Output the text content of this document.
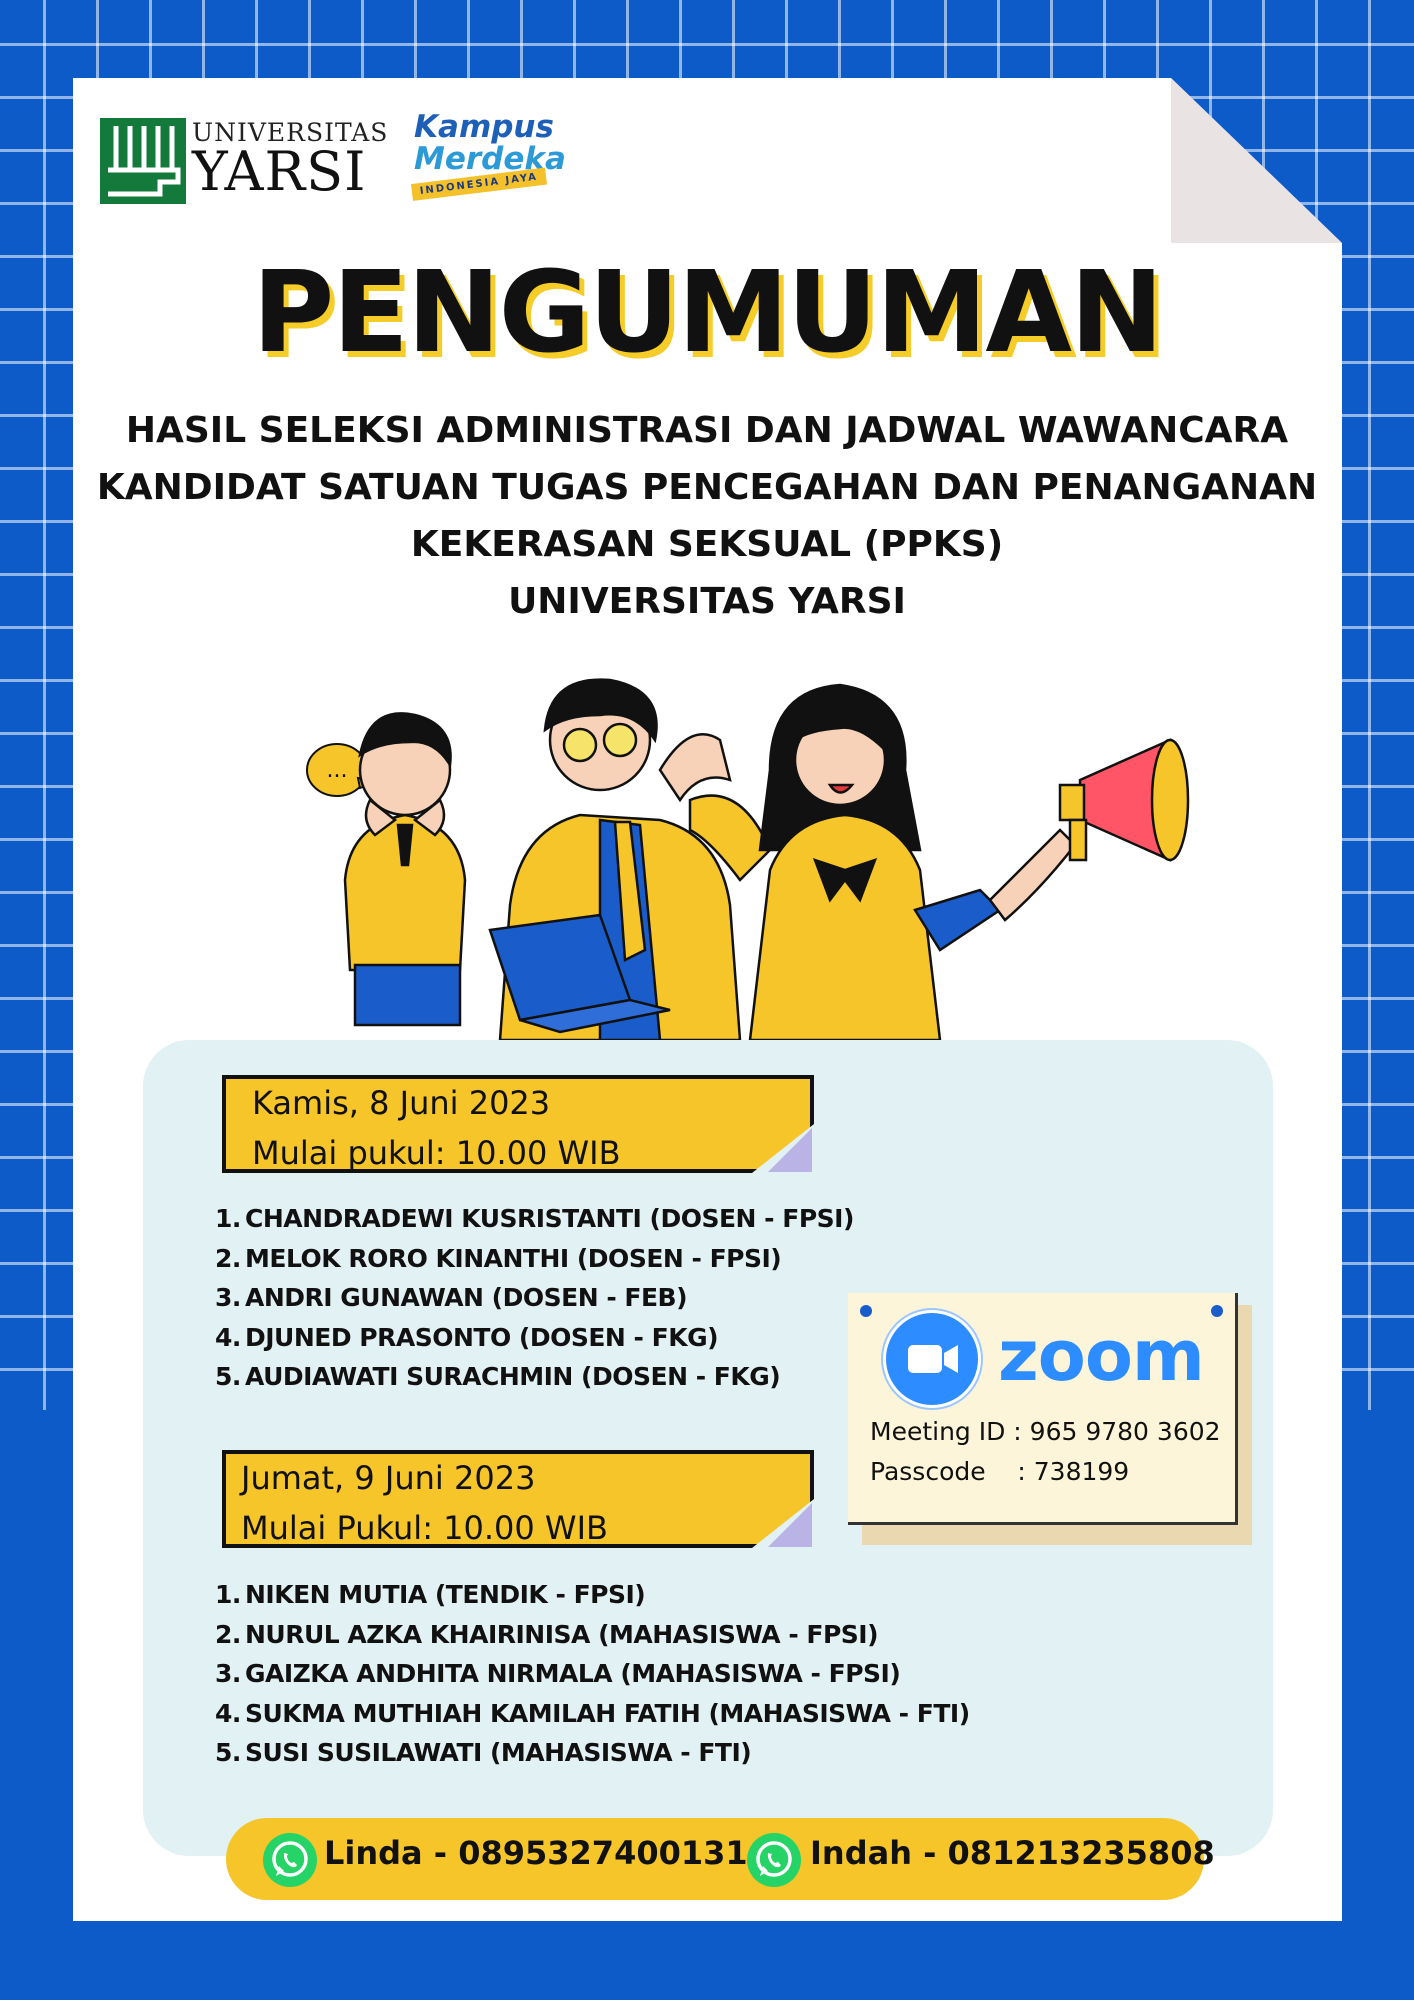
UNIVERSITAS
YARSI
Kampus
Merdeka
INDONESIA JAYA
PENGUMUMAN
HASIL SELEKSI ADMINISTRASI DAN JADWAL WAWANCARA
KANDIDAT SATUAN TUGAS PENCEGAHAN DAN PENANGANAN
KEKERASAN SEKSUAL (PPKS)
UNIVERSITAS YARSI
...
Kamis, 8 Juni 2023
Mulai pukul: 10.00 WIB
1. CHANDRADEWI KUSRISTANTI (DOSEN - FPSI)
2. MELOK RORO KINANTHI (DOSEN - FPSI)
3. ANDRI GUNAWAN (DOSEN - FEB)
4. DJUNED PRASONTO (DOSEN - FKG)
5. AUDIAWATI SURACHMIN (DOSEN - FKG)
Jumat, 9 Juni 2023
Mulai Pukul: 10.00 WIB
1. NIKEN MUTIA (TENDIK - FPSI)
2. NURUL AZKA KHAIRINISA (MAHASISWA - FPSI)
3. GAIZKA ANDHITA NIRMALA (MAHASISWA - FPSI)
4. SUKMA MUTHIAH KAMILAH FATIH (MAHASISWA - FTI)
5. SUSI SUSILAWATI (MAHASISWA - FTI)
zoom
Meeting ID : 965 9780 3602
Passcode    : 738199
Linda - 0895327400131 Indah - 081213235808
